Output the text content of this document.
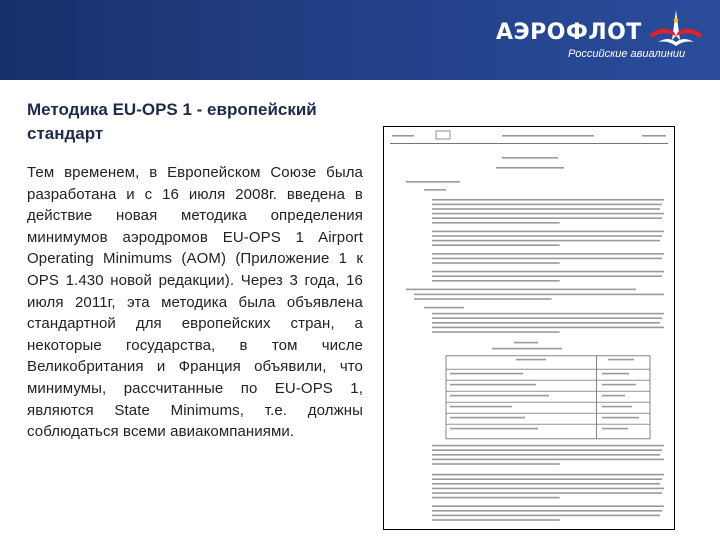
АЭРОФЛОТ
Российские авиалинии
Методика EU-OPS 1 - европейский стандарт
Тем временем, в Европейском Союзе была разработана и с 16 июля 2008г. введена в действие новая методика определения минимумов аэродромов EU-OPS 1 Airport Operating Minimums (AOM) (Приложение 1 к OPS 1.430 новой редакции). Через 3 года, 16 июля 2011г, эта методика была объявлена стандартной для европейских стран, а некоторые государства, в том числе Великобритания и Франция объявили, что минимумы, рассчитанные по EU-OPS 1, являются State Minimums, т.е. должны соблюдаться всеми авиакомпаниями.
